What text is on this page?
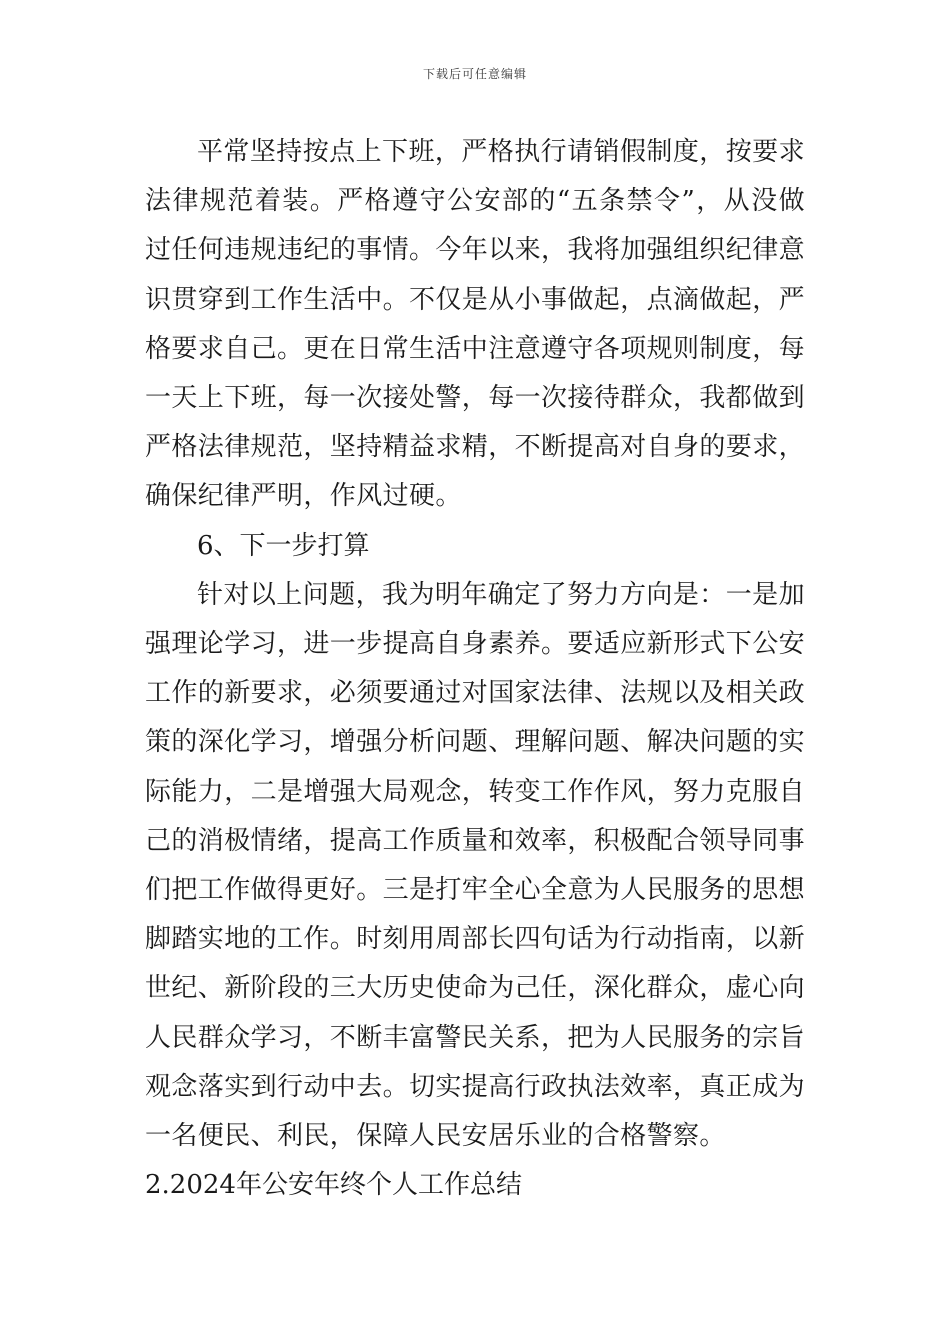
下载后可任意编辑

平常坚持按点上下班，严格执行请销假制度，按要求法律规范着装。严格遵守公安部的“五条禁令”，从没做过任何违规违纪的事情。今年以来，我将加强组织纪律意识贯穿到工作生活中。不仅是从小事做起，点滴做起，严格要求自己。更在日常生活中注意遵守各项规则制度，每一天上下班，每一次接处警，每一次接待群众，我都做到严格法律规范，坚持精益求精，不断提高对自身的要求，确保纪律严明，作风过硬。

6、下一步打算

针对以上问题，我为明年确定了努力方向是：一是加强理论学习，进一步提高自身素养。要适应新形式下公安工作的新要求，必须要通过对国家法律、法规以及相关政策的深化学习，增强分析问题、理解问题、解决问题的实际能力，二是增强大局观念，转变工作作风，努力克服自己的消极情绪，提高工作质量和效率，积极配合领导同事们把工作做得更好。三是打牢全心全意为人民服务的思想脚踏实地的工作。时刻用周部长四句话为行动指南，以新世纪、新阶段的三大历史使命为己任，深化群众，虚心向人民群众学习，不断丰富警民关系，把为人民服务的宗旨观念落实到行动中去。切实提高行政执法效率，真正成为一名便民、利民，保障人民安居乐业的合格警察。

2.2024年公安年终个人工作总结
